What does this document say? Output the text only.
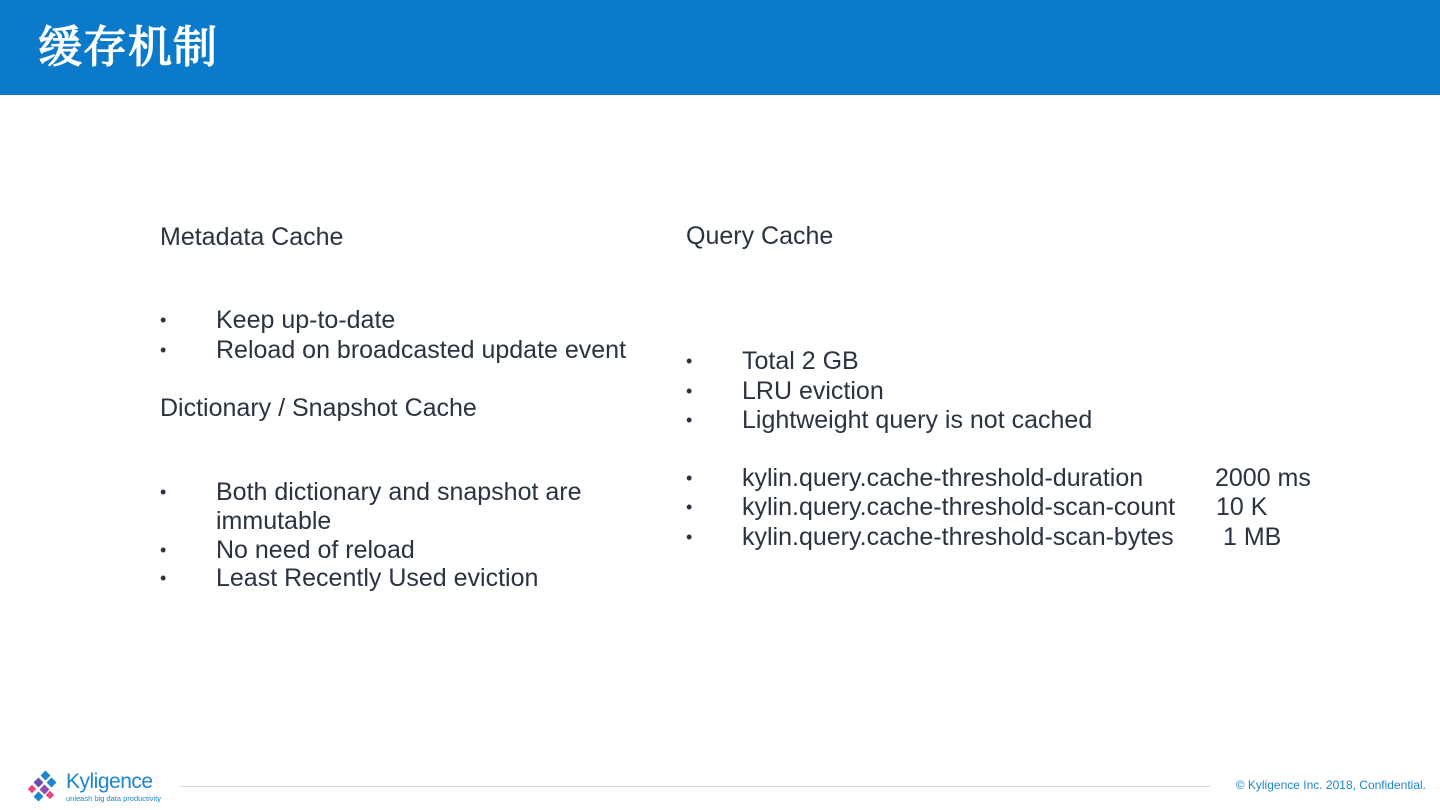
缓存机制
Metadata Cache
• Keep up-to-date
• Reload on broadcasted update event
Dictionary / Snapshot Cache
• Both dictionary and snapshot are
immutable
• No need of reload
• Least Recently Used eviction
Query Cache
• Total 2 GB
• LRU eviction
• Lightweight query is not cached
• kylin.query.cache-threshold-duration	2000 ms
• kylin.query.cache-threshold-scan-count 10 K
• kylin.query.cache-threshold-scan-bytes 1 MB
Kyligence
unleash big data productivity
© Kyligence Inc. 2018, Confidential.
